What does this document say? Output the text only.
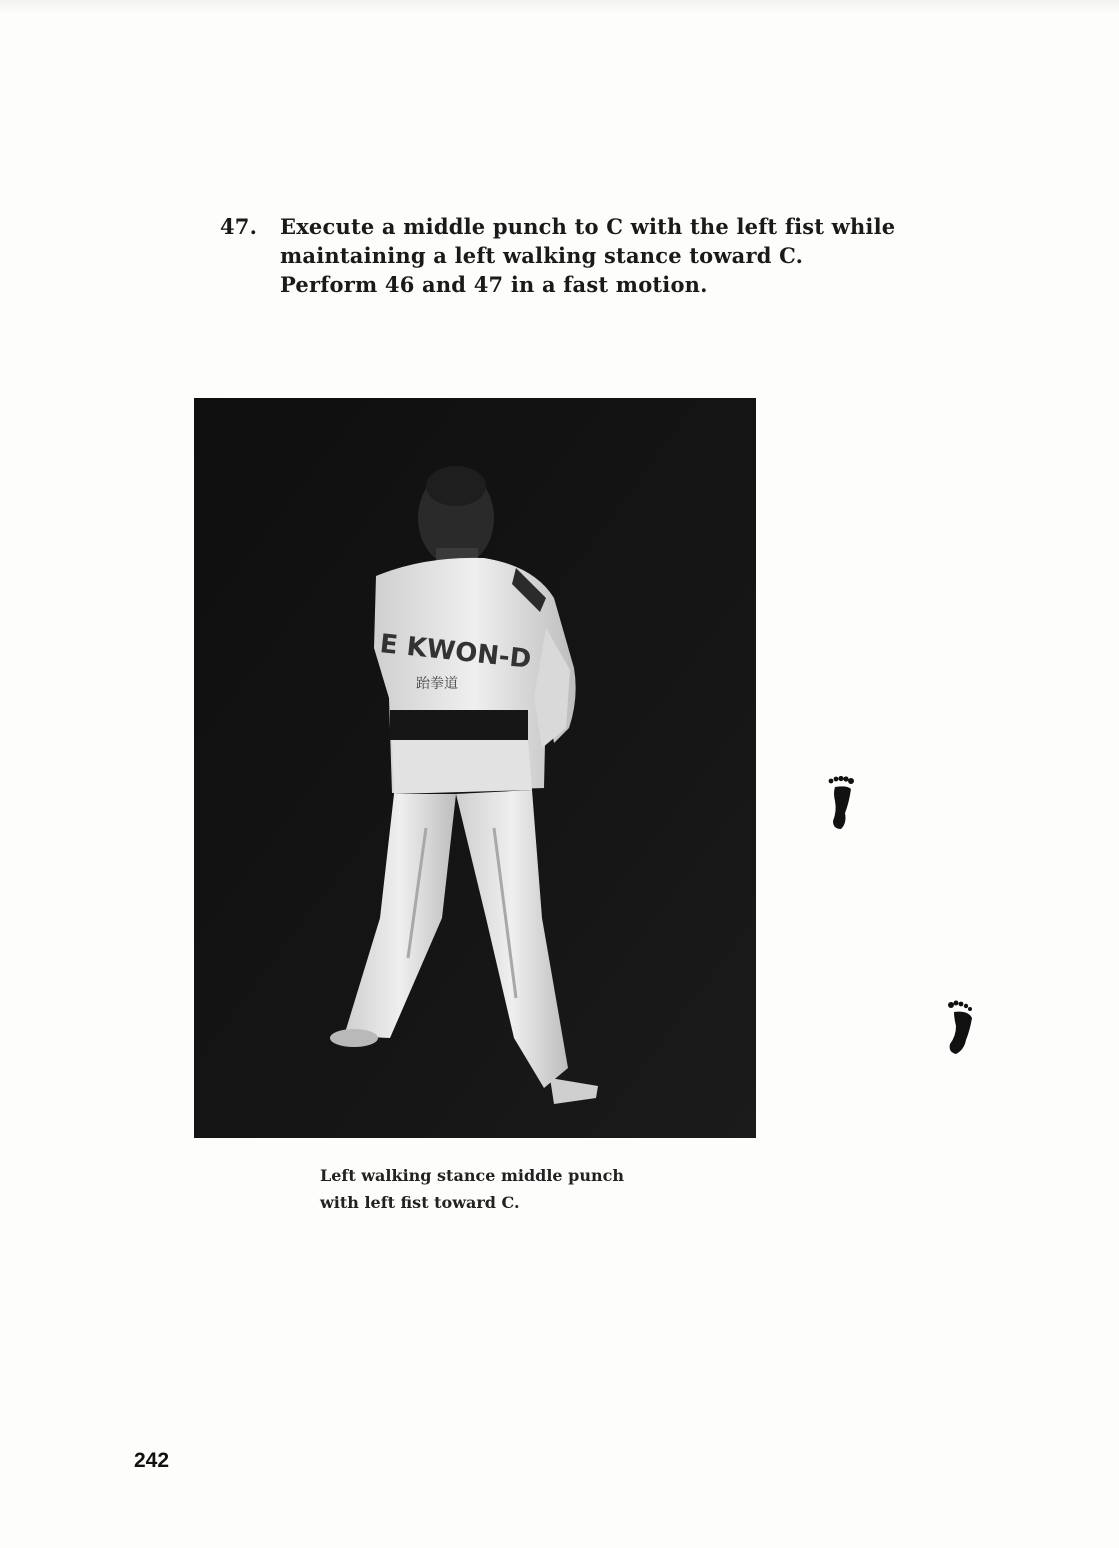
47. Execute a middle punch to C with the left fist while
maintaining a left walking stance toward C.
Perform 46 and 47 in a fast motion.
E KWON-D
跆拳道
Left walking stance middle punch
with left fist toward C.
242
